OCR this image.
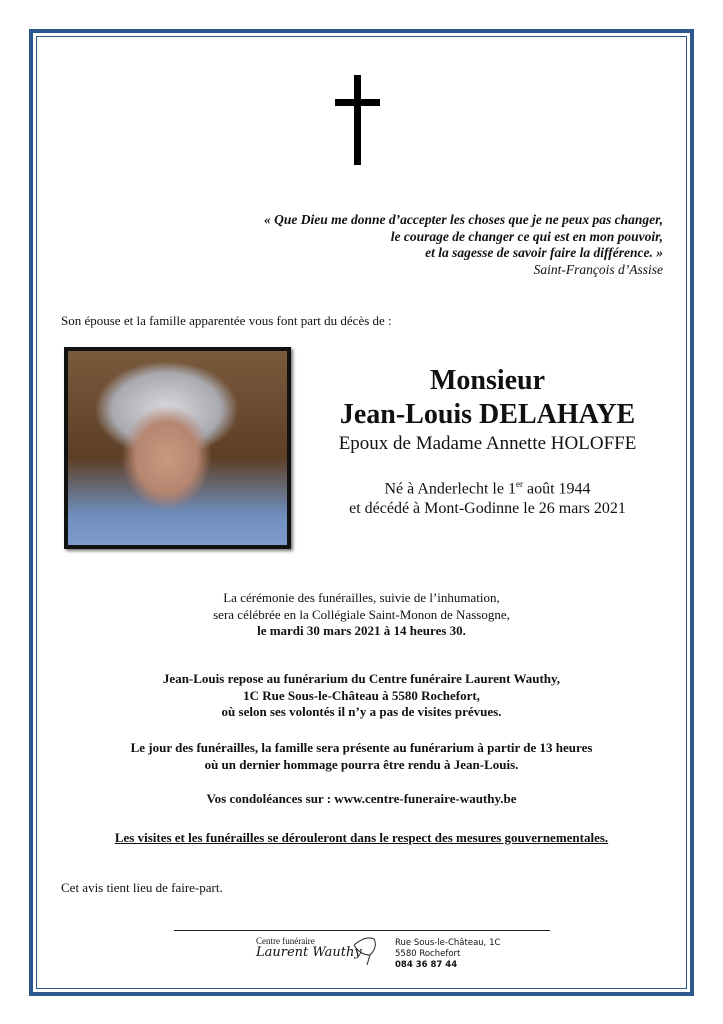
« Que Dieu me donne d’accepter les choses que je ne peux pas changer,
le courage de changer ce qui est en mon pouvoir,
et la sagesse de savoir faire la différence. »
Saint-François d’Assise
Son épouse et la famille apparentée vous font part du décès de :
Monsieur
Jean-Louis DELAHAYE
Epoux de Madame Annette HOLOFFE
Né à Anderlecht le 1er août 1944
et décédé à Mont-Godinne le 26 mars 2021
La cérémonie des funérailles, suivie de l’inhumation,
sera célébrée en la Collégiale Saint-Monon de Nassogne,
le mardi 30 mars 2021 à 14 heures 30.
Jean-Louis repose au funérarium du Centre funéraire Laurent Wauthy,
1C Rue Sous-le-Château à 5580 Rochefort,
où selon ses volontés il n’y a pas de visites prévues.
Le jour des funérailles, la famille sera présente au funérarium à partir de 13 heures
où un dernier hommage pourra être rendu à Jean-Louis.
Vos condoléances sur : www.centre-funeraire-wauthy.be
Les visites et les funérailles se dérouleront dans le respect des mesures gouvernementales.
Cet avis tient lieu de faire-part.
Centre funéraire
Laurent Wauthy
Rue Sous-le-Château, 1C
5580 Rochefort
084 36 87 44
